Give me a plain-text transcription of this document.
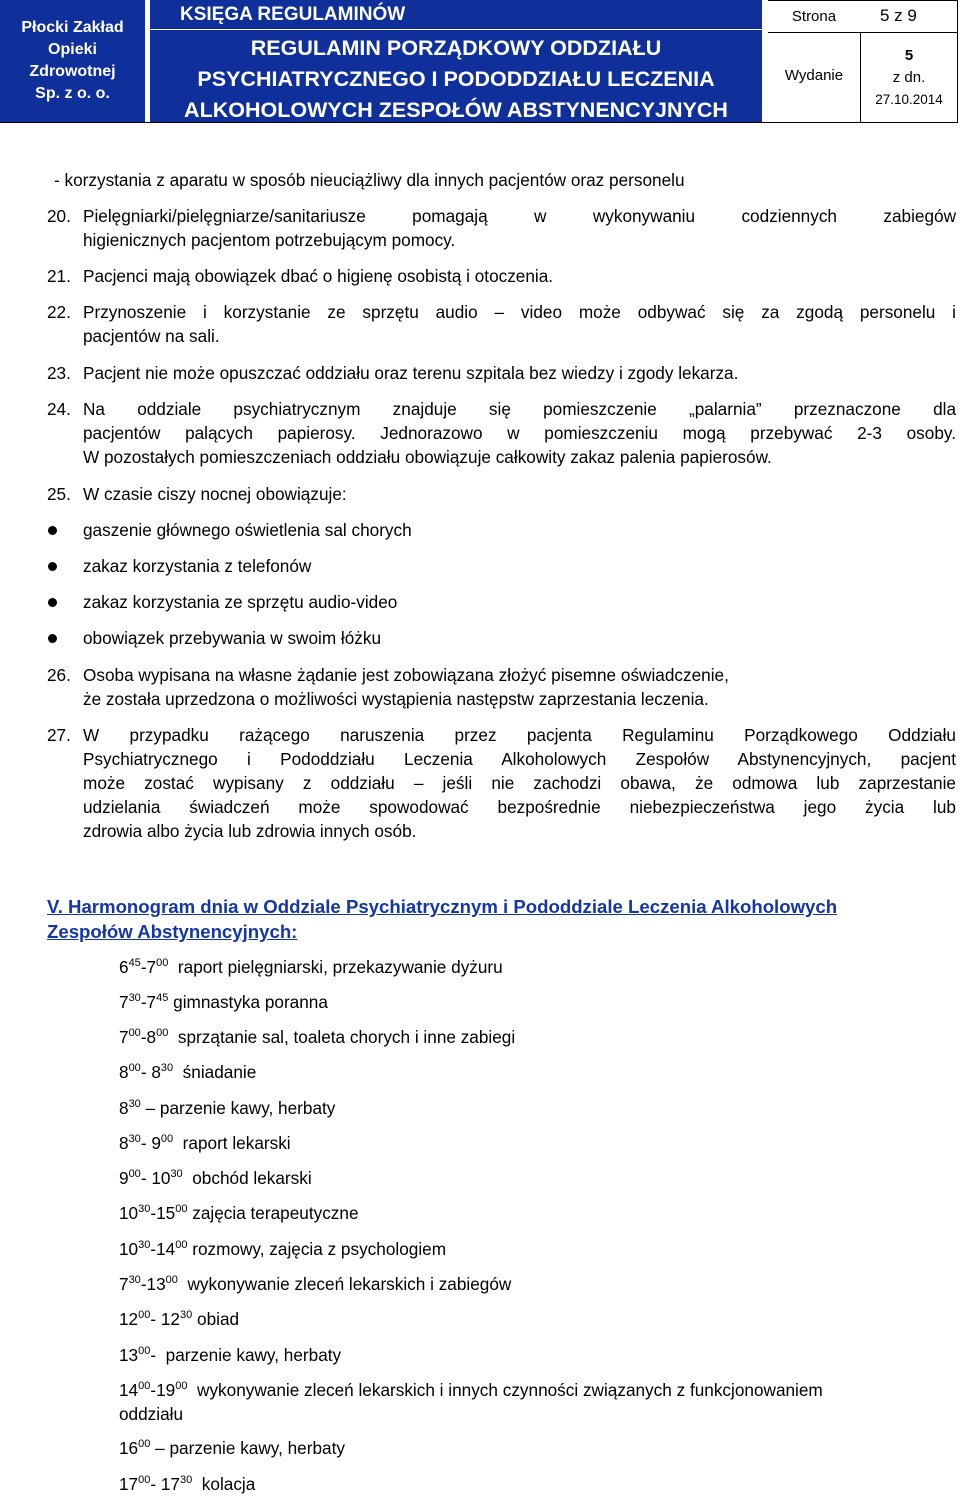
Płocki Zakład
Opieki
Zdrowotnej
Sp. z o. o.
KSIĘGA REGULAMINÓW
REGULAMIN PORZĄDKOWY ODDZIAŁU
PSYCHIATRYCZNEGO I PODODDZIAŁU LECZENIA
ALKOHOLOWYCH ZESPOŁÓW ABSTYNENCYJNYCH
Strona	5 z 9
Wydanie
5
z dn.
27.10.2014
- korzystania z aparatu w sposób nieuciążliwy dla innych pacjentów oraz personelu
20. Pielęgniarki/pielęgniarze/sanitariusze pomagają w wykonywaniu codziennych zabiegów
higienicznych pacjentom potrzebującym pomocy.
21. Pacjenci mają obowiązek dbać o higienę osobistą i otoczenia.
22. Przynoszenie i korzystanie ze sprzętu audio – video może odbywać się za zgodą personelu i
pacjentów na sali.
23. Pacjent nie może opuszczać oddziału oraz terenu szpitala bez wiedzy i zgody lekarza.
24. Na oddziale psychiatrycznym znajduje się pomieszczenie „palarnia” przeznaczone dla
pacjentów palących papierosy. Jednorazowo w pomieszczeniu mogą przebywać 2-3 osoby.
W pozostałych pomieszczeniach oddziału obowiązuje całkowity zakaz palenia papierosów.
25. W czasie ciszy nocnej obowiązuje:
gaszenie głównego oświetlenia sal chorych
zakaz korzystania z telefonów
zakaz korzystania ze sprzętu audio-video
obowiązek przebywania w swoim łóżku
26. Osoba wypisana na własne żądanie jest zobowiązana złożyć pisemne oświadczenie,
że została uprzedzona o możliwości wystąpienia następstw zaprzestania leczenia.
27. W przypadku rażącego naruszenia przez pacjenta Regulaminu Porządkowego Oddziału
Psychiatrycznego i Pododdziału Leczenia Alkoholowych Zespołów Abstynencyjnych, pacjent
może zostać wypisany z oddziału – jeśli nie zachodzi obawa, że odmowa lub zaprzestanie
udzielania świadczeń może spowodować bezpośrednie niebezpieczeństwa jego życia lub
zdrowia albo życia lub zdrowia innych osób.
V. Harmonogram dnia w Oddziale Psychiatrycznym i Pododdziale Leczenia Alkoholowych
Zespołów Abstynencyjnych:
$6^{45}-7^{00}$  raport pielęgniarski, przekazywanie dyżuru
$7^{30}-7^{45}$ gimnastyka poranna
$7^{00}-8^{00}$  sprzątanie sal, toaleta chorych i inne zabiegi
$8^{00}-$ $8^{30}$  śniadanie
$8^{30}$ – parzenie kawy, herbaty
$8^{30}-$ $9^{00}$  raport lekarski
$9^{00}-$ $10^{30}$  obchód lekarski
$10^{30}-15^{00}$ zajęcia terapeutyczne
$10^{30}-14^{00}$ rozmowy, zajęcia z psychologiem
$7^{30}-13^{00}$  wykonywanie zleceń lekarskich i zabiegów
$12^{00}-$ $12^{30}$ obiad
$13^{00}-$  parzenie kawy, herbaty
$14^{00}-19^{00}$  wykonywanie zleceń lekarskich i innych czynności związanych z funkcjonowaniem
oddziału
$16^{00}$ – parzenie kawy, herbaty
$17^{00}-$ $17^{30}$  kolacja
